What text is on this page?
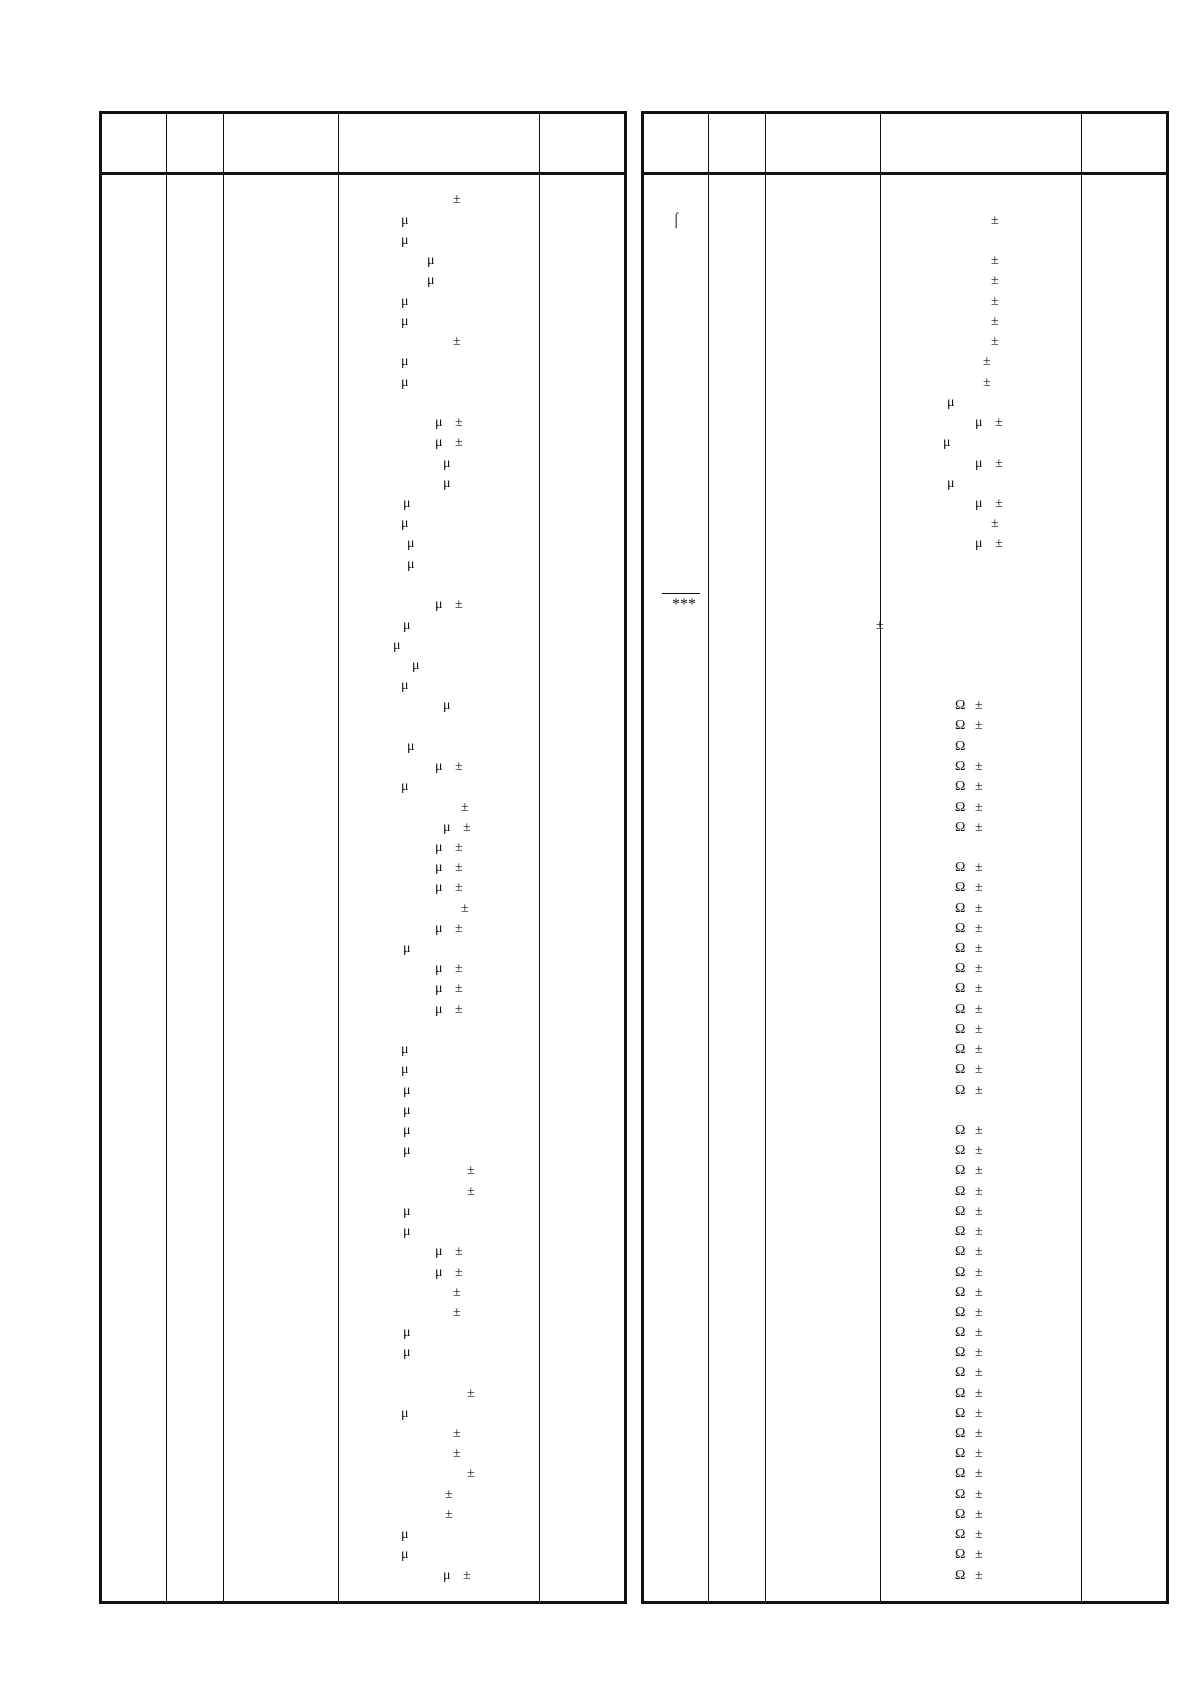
±
μ
μ
μ
μ
μ
μ
±
μ
μ
μ ±
μ ±
μ
μ
μ
μ
μ
μ
μ ±
μ
μ
μ
μ
μ
μ
μ ±
μ
±
μ ±
μ ±
μ ±
μ ±
±
μ ±
μ
μ ±
μ ±
μ ±
μ
μ
μ
μ
μ
μ
±
±
μ
μ
μ ±
μ ±
±
±
μ
μ
±
μ
±
±
±
±
±
μ
μ
μ ±
±
±
±
±
±
±
±
±
μ
μ ±
μ
μ ±
μ
μ ±
±
μ ±
Ω ±
Ω ±
Ω
Ω ±
Ω ±
Ω ±
Ω ±
Ω ±
Ω ±
Ω ±
Ω ±
Ω ±
Ω ±
Ω ±
Ω ±
Ω ±
Ω ±
Ω ±
Ω ±
Ω ±
Ω ±
Ω ±
Ω ±
Ω ±
Ω ±
Ω ±
Ω ±
Ω ±
Ω ±
Ω ±
Ω ±
Ω ±
Ω ±
Ω ±
Ω ±
Ω ±
Ω ±
Ω ±
Ω ±
Ω ±
Ω ±
Ω ±
⌠
***
±
